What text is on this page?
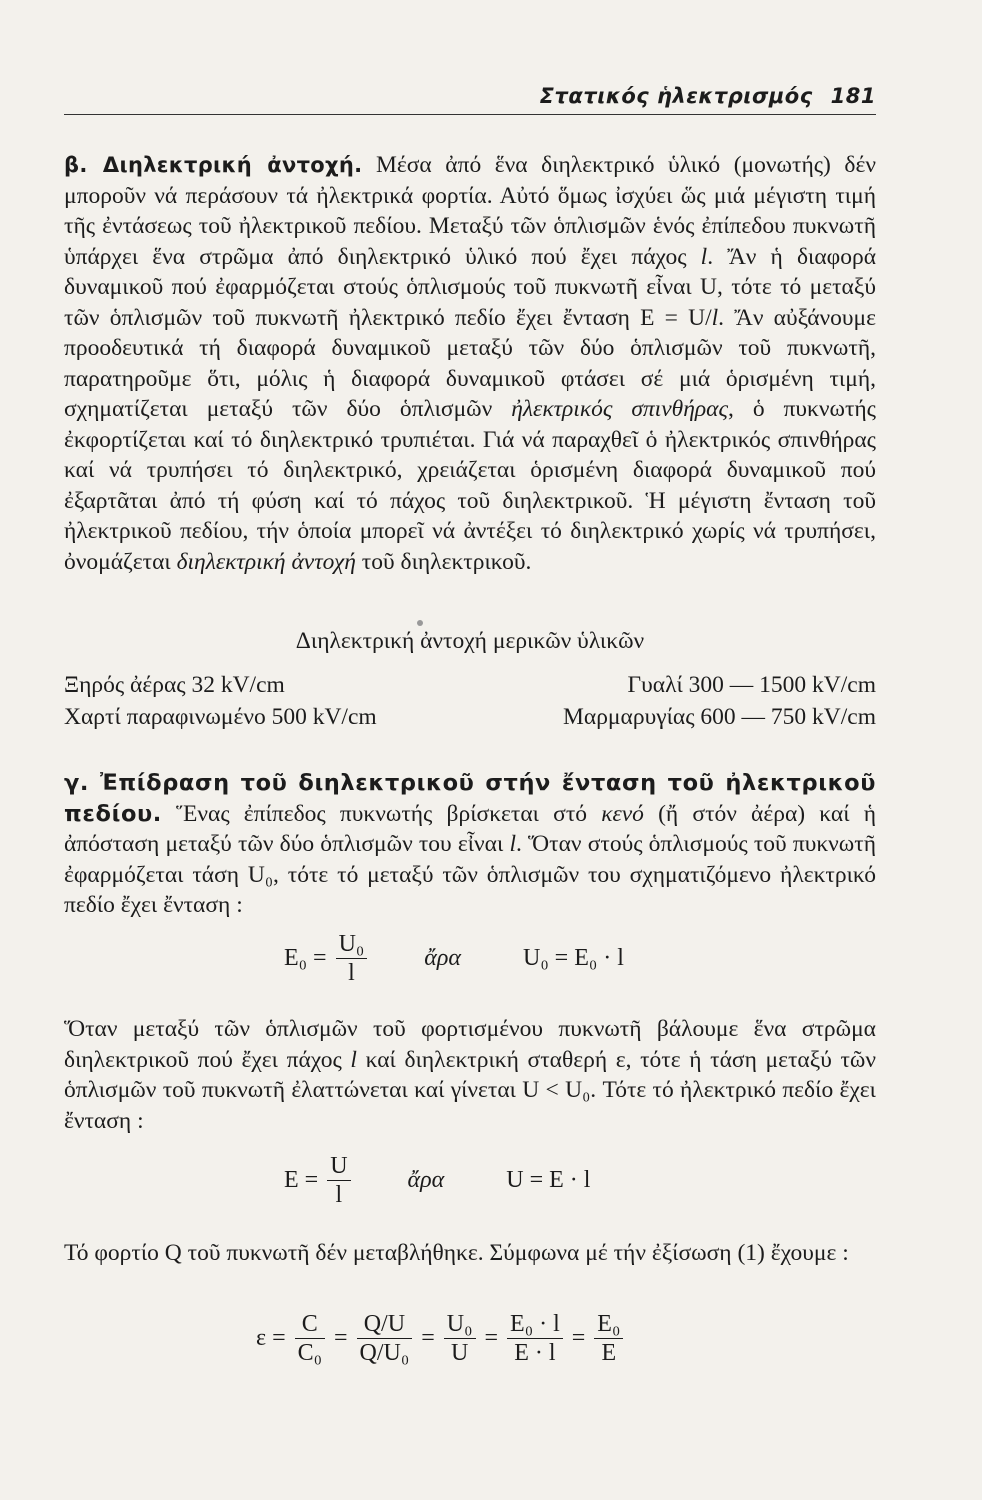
Στατικός ἡλεκτρισμός 181

β. Διηλεκτρική ἀντοχή. Μέσα ἀπό ἕνα διηλεκτρικό ὑλικό (μονωτής) δέν μποροῦν νά περάσουν τά ἠλεκτρικά φορτία. Αὐτό ὅμως ἰσχύει ὥς μιά μέγιστη τιμή τῆς ἐντάσεως τοῦ ἠλεκτρικοῦ πεδίου. Μεταξύ τῶν ὁπλισμῶν ἑνός ἐπίπεδου πυκνωτῆ ὑπάρχει ἕνα στρῶμα ἀπό διηλεκτρικό ὑλικό πού ἔχει πάχος l. Ἄν ἡ διαφορά δυναμικοῦ πού ἐφαρμόζεται στούς ὁπλισμούς τοῦ πυκνωτῆ εἶναι U, τότε τό μεταξύ τῶν ὁπλισμῶν τοῦ πυκνωτῆ ἠλεκτρικό πεδίο ἔχει ἔνταση Ε = U/l. Ἄν αὐξάνουμε προοδευτικά τή διαφορά δυναμικοῦ μεταξύ τῶν δύο ὁπλισμῶν τοῦ πυκνωτῆ, παρατηροῦμε ὅτι, μόλις ἡ διαφορά δυναμικοῦ φτάσει σέ μιά ὁρισμένη τιμή, σχηματίζεται μεταξύ τῶν δύο ὁπλισμῶν ἠλεκτρικός σπινθήρας, ὁ πυκνωτής ἐκφορτίζεται καί τό διηλεκτρικό τρυπιέται. Γιά νά παραχθεῖ ὁ ἠλεκτρικός σπινθήρας καί νά τρυπήσει τό διηλεκτρικό, χρειάζεται ὁρισμένη διαφορά δυναμικοῦ πού ἐξαρτᾶται ἀπό τή φύση καί τό πάχος τοῦ διηλεκτρικοῦ. Ἡ μέγιστη ἔνταση τοῦ ἠλεκτρικοῦ πεδίου, τήν ὁποία μπορεῖ νά ἀντέξει τό διηλεκτρικό χωρίς νά τρυπήσει, ὀνομάζεται διηλεκτρική ἀντοχή τοῦ διηλεκτρικοῦ.

Διηλεκτρική ἀντοχή μερικῶν ὑλικῶν
Ξηρός ἀέρας 32 kV/cm	Γυαλί 300 — 1500 kV/cm
Χαρτί παραφινωμένο 500 kV/cm	Μαρμαρυγίας 600 — 750 kV/cm

γ. Ἐπίδραση τοῦ διηλεκτρικοῦ στήν ἔνταση τοῦ ἠλεκτρικοῦ πεδίου. Ἕνας ἐπίπεδος πυκνωτής βρίσκεται στό κενό (ἤ στόν ἀέρα) καί ἡ ἀπόσταση μεταξύ τῶν δύο ὁπλισμῶν του εἶναι l. Ὅταν στούς ὁπλισμούς τοῦ πυκνωτῆ ἐφαρμόζεται τάση U₀, τότε τό μεταξύ τῶν ὁπλισμῶν του σχηματιζόμενο ἠλεκτρικό πεδίο ἔχει ἔνταση :

$E_0 = \frac{\text{U₀}}{l}$ ἄρα	U₀ = E₀ · l

Ὅταν μεταξύ τῶν ὁπλισμῶν τοῦ φορτισμένου πυκνωτῆ βάλουμε ἕνα στρῶμα διηλεκτρικοῦ πού ἔχει πάχος l καί διηλεκτρική σταθερή ε, τότε ἡ τάση μεταξύ τῶν ὁπλισμῶν τοῦ πυκνωτῆ ἐλαττώνεται καί γίνεται U < U₀. Τότε τό ἠλεκτρικό πεδίο ἔχει ἔνταση :

$E = \frac{U}{l}$ ἄρα	U = E · l

Τό φορτίο Q τοῦ πυκνωτῆ δέν μεταβλήθηκε. Σύμφωνα μέ τήν ἐξίσωση (1) ἔχουμε :

$\varepsilon = \frac{C}{\text{C₀}} = \frac{Q/U}{\text{Q/U₀}} = \frac{\text{U₀}}{U} = \frac{\text{E₀ · l}}{E \cdot l} = \frac{\text{E₀}}{E}$
